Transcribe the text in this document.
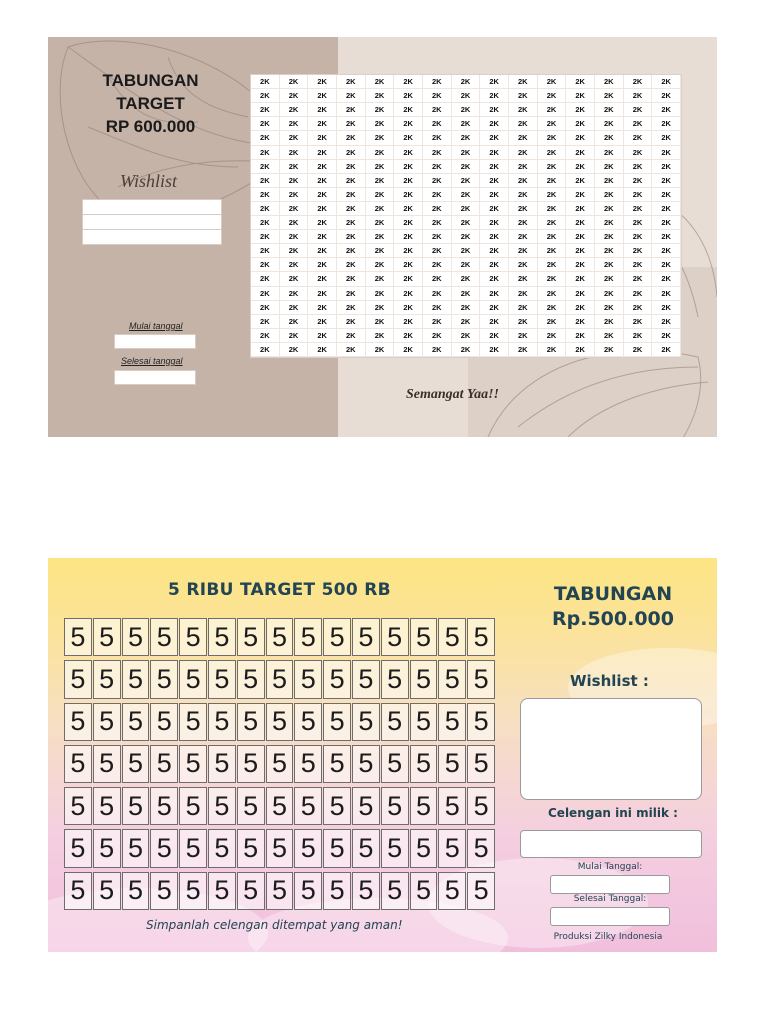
TABUNGAN
TARGET
RP 600.000
Wishlist
Mulai tanggal
Selesai tanggal
2K	2K	2K	2K	2K	2K	2K	2K	2K	2K	2K	2K	2K	2K	2K
2K	2K	2K	2K	2K	2K	2K	2K	2K	2K	2K	2K	2K	2K	2K
2K	2K	2K	2K	2K	2K	2K	2K	2K	2K	2K	2K	2K	2K	2K
2K	2K	2K	2K	2K	2K	2K	2K	2K	2K	2K	2K	2K	2K	2K
2K	2K	2K	2K	2K	2K	2K	2K	2K	2K	2K	2K	2K	2K	2K
2K	2K	2K	2K	2K	2K	2K	2K	2K	2K	2K	2K	2K	2K	2K
2K	2K	2K	2K	2K	2K	2K	2K	2K	2K	2K	2K	2K	2K	2K
2K	2K	2K	2K	2K	2K	2K	2K	2K	2K	2K	2K	2K	2K	2K
2K	2K	2K	2K	2K	2K	2K	2K	2K	2K	2K	2K	2K	2K	2K
2K	2K	2K	2K	2K	2K	2K	2K	2K	2K	2K	2K	2K	2K	2K
2K	2K	2K	2K	2K	2K	2K	2K	2K	2K	2K	2K	2K	2K	2K
2K	2K	2K	2K	2K	2K	2K	2K	2K	2K	2K	2K	2K	2K	2K
2K	2K	2K	2K	2K	2K	2K	2K	2K	2K	2K	2K	2K	2K	2K
2K	2K	2K	2K	2K	2K	2K	2K	2K	2K	2K	2K	2K	2K	2K
2K	2K	2K	2K	2K	2K	2K	2K	2K	2K	2K	2K	2K	2K	2K
2K	2K	2K	2K	2K	2K	2K	2K	2K	2K	2K	2K	2K	2K	2K
2K	2K	2K	2K	2K	2K	2K	2K	2K	2K	2K	2K	2K	2K	2K
2K	2K	2K	2K	2K	2K	2K	2K	2K	2K	2K	2K	2K	2K	2K
2K	2K	2K	2K	2K	2K	2K	2K	2K	2K	2K	2K	2K	2K	2K
2K	2K	2K	2K	2K	2K	2K	2K	2K	2K	2K	2K	2K	2K	2K
Semangat Yaa!!
5 RIBU TARGET 500 RB	TABUNGAN
Rp.500.000
5 5 5 5 5 5 5 5 5 5 5 5 5 5 5
5 5 5 5 5 5 5 5 5 5 5 5 5 5 5
5 5 5 5 5 5 5 5 5 5 5 5 5 5 5
5 5 5 5 5 5 5 5 5 5 5 5 5 5 5
5 5 5 5 5 5 5 5 5 5 5 5 5 5 5
5 5 5 5 5 5 5 5 5 5 5 5 5 5 5
5 5 5 5 5 5 5 5 5 5 5 5 5 5 5
Simpanlah celengan ditempat yang aman!
Wishlist :
Celengan ini milik :
Mulai Tanggal:
Selesai Tanggal:
Produksi Zilky Indonesia
